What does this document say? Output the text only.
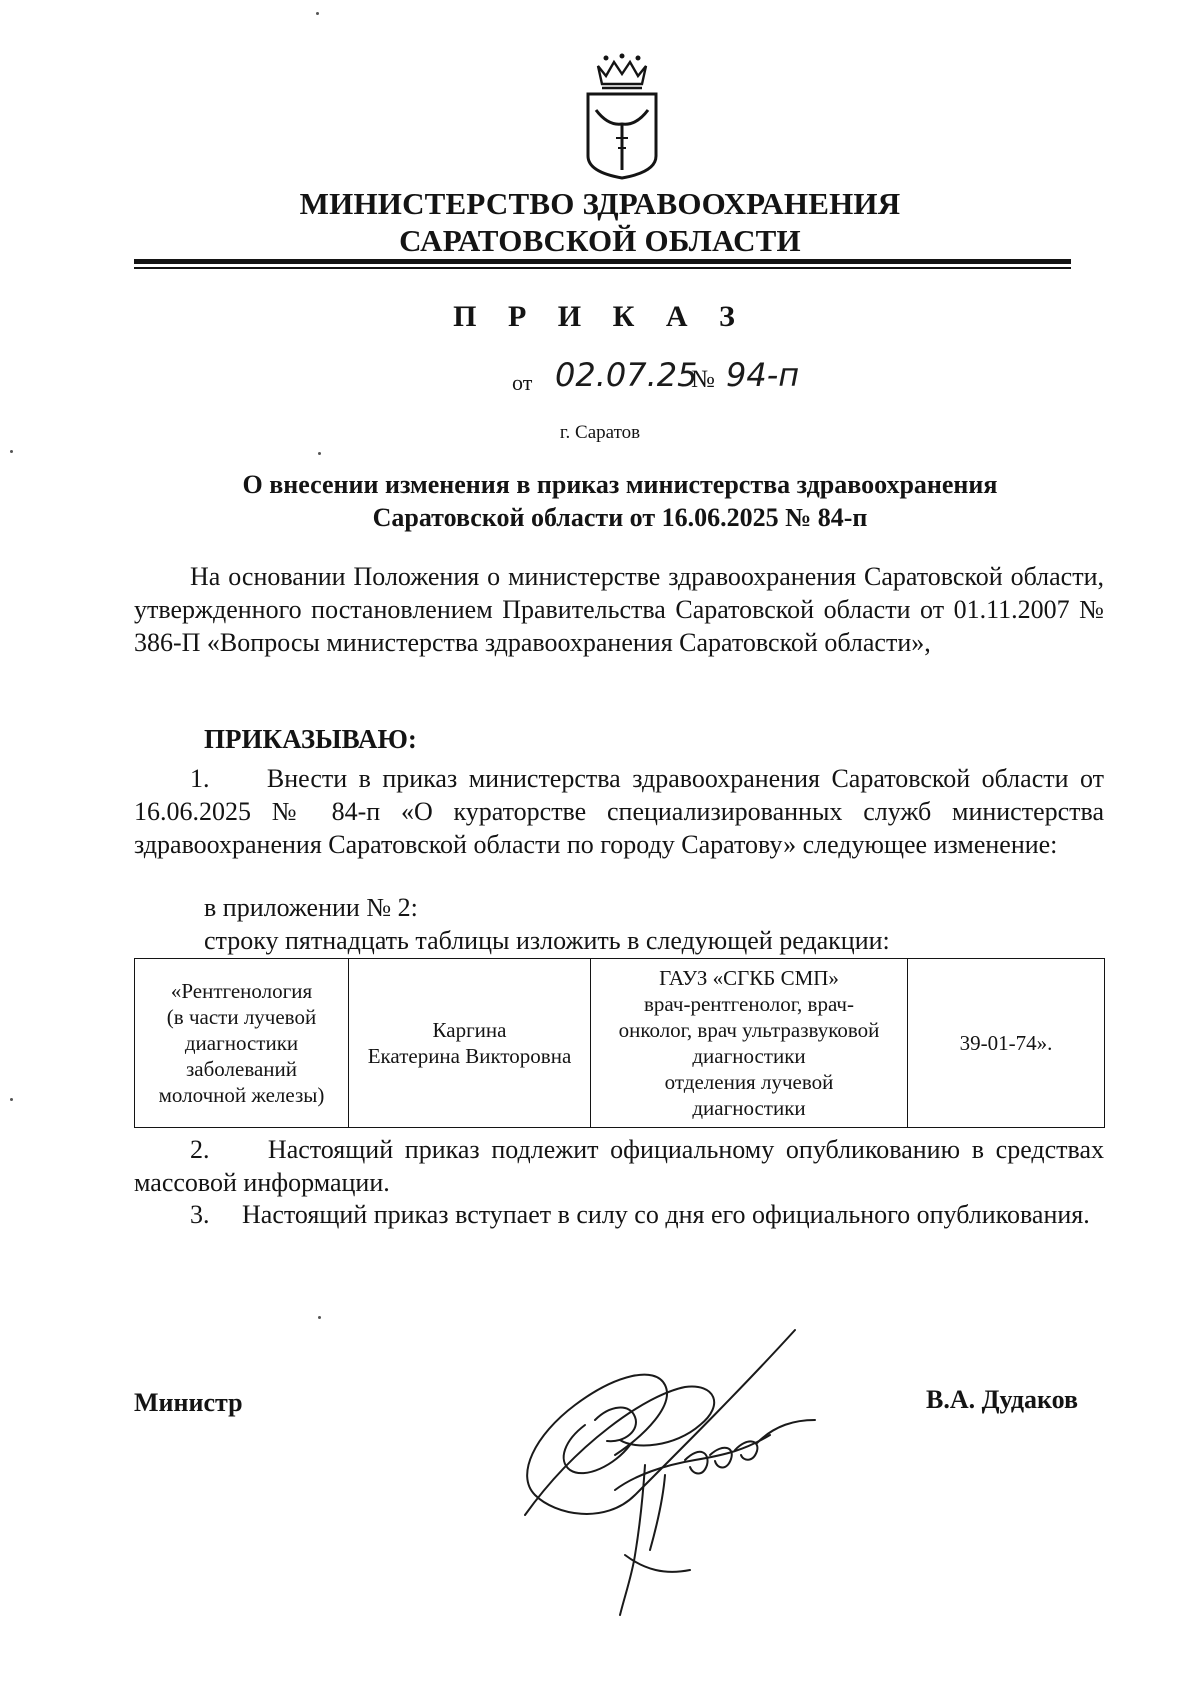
МИНИСТЕРСТВО ЗДРАВООХРАНЕНИЯ
САРАТОВСКОЙ ОБЛАСТИ
П Р И К А З
от 02.07.25
№ 94-п
г. Саратов
О внесении изменения в приказ министерства здравоохранения
Саратовской области от 16.06.2025 № 84-п
На основании Положения о министерстве здравоохранения Саратовской области, утвержденного постановлением Правительства Саратовской области от 01.11.2007 № 386-П «Вопросы министерства здравоохранения Саратовской области»,
ПРИКАЗЫВАЮ:
1. Внести в приказ министерства здравоохранения Саратовской области от 16.06.2025 № 84-п «О кураторстве специализированных служб министерства здравоохранения Саратовской области по городу Саратову» следующее изменение:
в приложении № 2:
строку пятнадцать таблицы изложить в следующей редакции:
«Рентгенология
(в части лучевой
диагностики
заболеваний
молочной железы)

Каргина
Екатерина Викторовна

ГАУЗ «СГКБ СМП»
врач-рентгенолог, врач-
онколог, врач ультразвуковой
диагностики
отделения лучевой
диагностики

39-01-74».
2. Настоящий приказ подлежит официальному опубликованию в средствах массовой информации.
3. Настоящий приказ вступает в силу со дня его официального опубликования.
Министр	В.А. Дудаков
